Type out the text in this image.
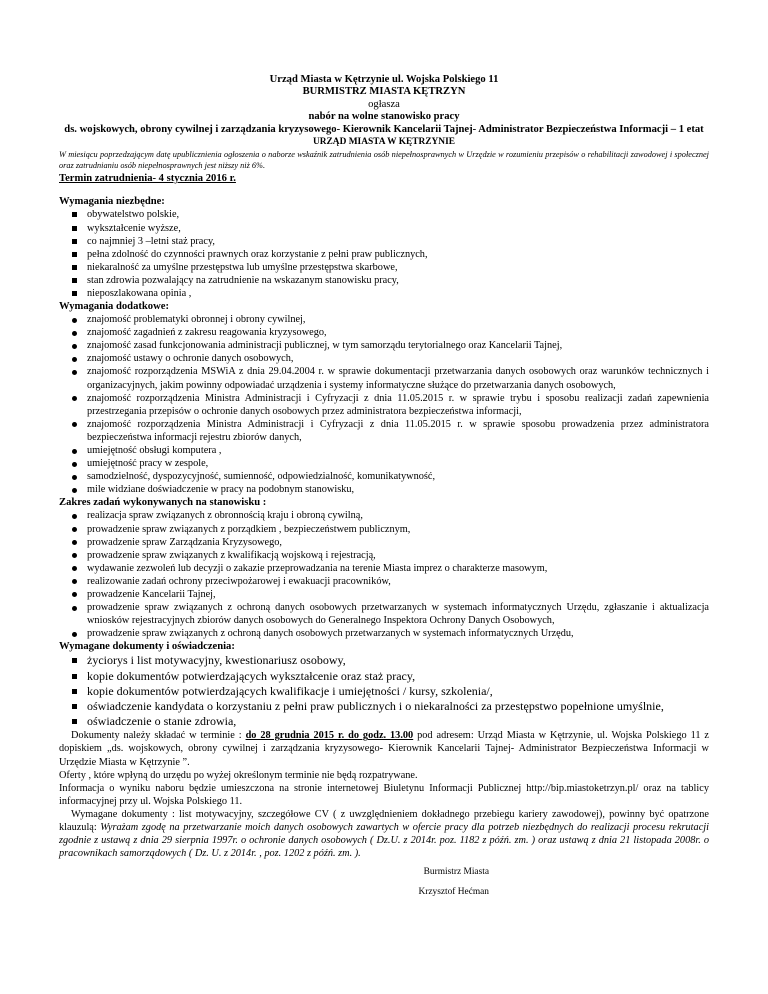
Urząd Miasta w Kętrzynie ul. Wojska Polskiego 11
BURMISTRZ MIASTA KĘTRZYN
ogłasza
nabór na wolne stanowisko pracy
ds. wojskowych, obrony cywilnej i zarządzania kryzysowego- Kierownik Kancelarii Tajnej- Administrator Bezpieczeństwa Informacji – 1 etat
URZĄD MIASTA W KĘTRZYNIE
W miesiącu poprzedzającym datę upublicznienia ogłoszenia o naborze wskaźnik zatrudnienia osób niepełnosprawnych w Urzędzie w rozumieniu przepisów o rehabilitacji zawodowej i społecznej oraz zatrudnianiu osób niepełnosprawnych jest niższy niż 6%.
Termin zatrudnienia- 4 stycznia 2016 r.
Wymagania niezbędne:
obywatelstwo polskie,
wykształcenie wyższe,
co najmniej 3 –letni staż pracy,
pełna zdolność do czynności prawnych oraz korzystanie z pełni praw publicznych,
niekaralność za umyślne przestępstwa lub umyślne przestępstwa skarbowe,
stan zdrowia pozwalający na zatrudnienie na wskazanym stanowisku pracy,
nieposzlakowana opinia ,
Wymagania dodatkowe:
znajomość problematyki obronnej i obrony cywilnej,
znajomość zagadnień z zakresu reagowania kryzysowego,
znajomość zasad funkcjonowania administracji publicznej, w tym samorządu terytorialnego oraz Kancelarii Tajnej,
znajomość ustawy o ochronie danych osobowych,
znajomość rozporządzenia MSWiA z dnia 29.04.2004 r. w sprawie dokumentacji przetwarzania danych osobowych oraz warunków technicznych i organizacyjnych, jakim powinny odpowiadać urządzenia i systemy informatyczne służące do przetwarzania danych osobowych,
znajomość rozporządzenia Ministra Administracji i Cyfryzacji z dnia 11.05.2015 r. w sprawie trybu i sposobu realizacji zadań zapewnienia przestrzegania przepisów o ochronie danych osobowych przez administratora bezpieczeństwa informacji,
znajomość rozporządzenia Ministra Administracji i Cyfryzacji z dnia 11.05.2015 r. w sprawie sposobu prowadzenia przez administratora bezpieczeństwa informacji rejestru zbiorów danych,
umiejętność obsługi komputera ,
umiejętność pracy w zespole,
samodzielność, dyspozycyjność, sumienność, odpowiedzialność, komunikatywność,
mile widziane doświadczenie w pracy na podobnym stanowisku,
Zakres zadań wykonywanych na stanowisku :
realizacja spraw związanych z obronnością kraju i obroną cywilną,
prowadzenie spraw związanych z porządkiem , bezpieczeństwem publicznym,
prowadzenie spraw Zarządzania Kryzysowego,
prowadzenie spraw związanych z kwalifikacją wojskową i rejestracją,
wydawanie zezwoleń lub decyzji o zakazie przeprowadzania na terenie Miasta imprez o charakterze masowym,
realizowanie zadań ochrony przeciwpożarowej i ewakuacji pracowników,
prowadzenie Kancelarii Tajnej,
prowadzenie spraw związanych z ochroną danych osobowych przetwarzanych w systemach informatycznych Urzędu, zgłaszanie i aktualizacja wniosków rejestracyjnych zbiorów danych osobowych do Generalnego Inspektora Ochrony Danych Osobowych,
prowadzenie spraw związanych z ochroną danych osobowych przetwarzanych w systemach informatycznych Urzędu,
Wymagane dokumenty i oświadczenia:
życiorys i list motywacyjny, kwestionariusz osobowy,
kopie dokumentów potwierdzających wykształcenie oraz staż pracy,
kopie dokumentów potwierdzających kwalifikacje i umiejętności / kursy, szkolenia/,
oświadczenie kandydata o korzystaniu z pełni praw publicznych i o niekaralności za przestępstwo popełnione umyślnie,
oświadczenie o stanie zdrowia,
Dokumenty należy składać w terminie : do 28 grudnia 2015 r. do godz. 13.00 pod adresem: Urząd Miasta w Kętrzynie, ul. Wojska Polskiego 11 z dopiskiem „ds. wojskowych, obrony cywilnej i zarządzania kryzysowego- Kierownik Kancelarii Tajnej- Administrator Bezpieczeństwa Informacji w Urzędzie Miasta w Kętrzynie ”.
Oferty , które wpłyną do urzędu po wyżej określonym terminie nie będą rozpatrywane.
Informacja o wyniku naboru będzie umieszczona na stronie internetowej Biuletynu Informacji Publicznej http://bip.miastoketrzyn.pl/ oraz na tablicy informacyjnej przy ul. Wojska Polskiego 11.
Wymagane dokumenty : list motywacyjny, szczegółowe CV ( z uwzględnieniem dokładnego przebiegu kariery zawodowej), powinny być opatrzone klauzulą: Wyrażam zgodę na przetwarzanie moich danych osobowych zawartych w ofercie pracy dla potrzeb niezbędnych do realizacji procesu rekrutacji zgodnie z ustawą z dnia 29 sierpnia 1997r. o ochronie danych osobowych ( Dz.U. z 2014r. poz. 1182 z późń. zm. ) oraz ustawą z dnia 21 listopada 2008r. o pracownikach samorządowych ( Dz. U. z 2014r. , poz. 1202 z późń. zm. ).
Burmistrz Miasta
Krzysztof Hećman
